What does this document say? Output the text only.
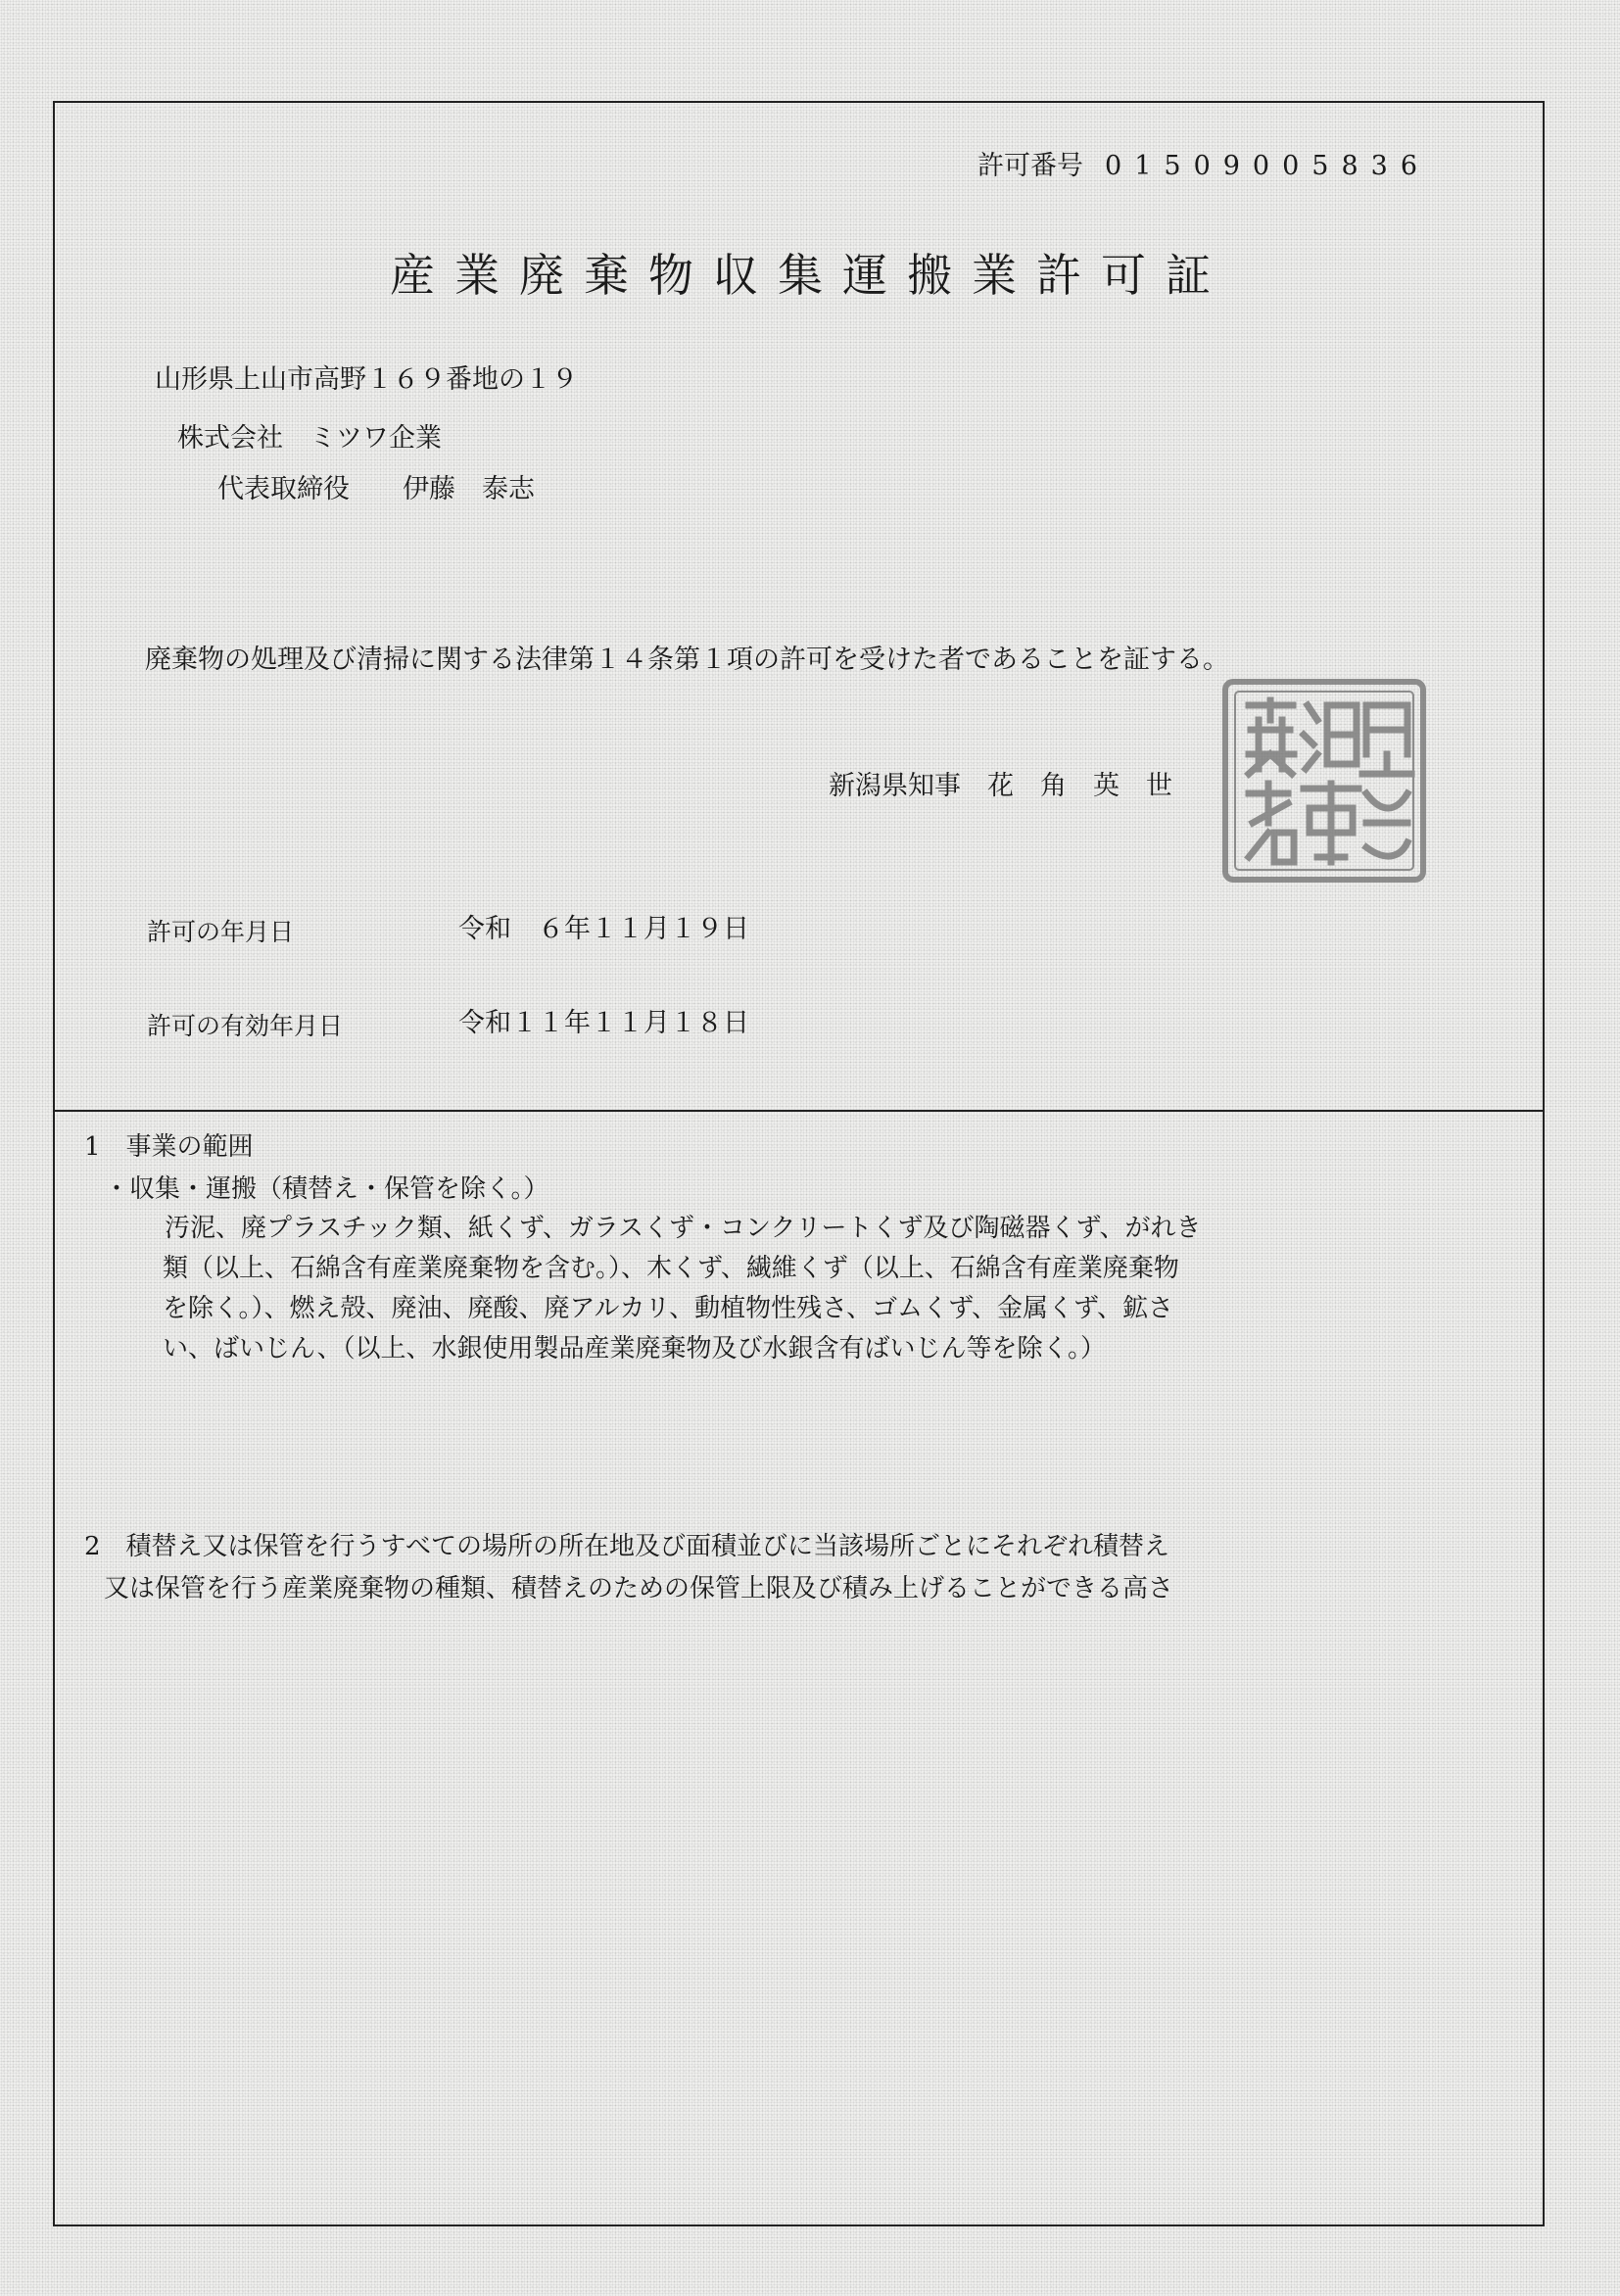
許可番号 01509005836
産業廃棄物収集運搬業許可証
山形県上山市高野１６９番地の１９
株式会社　ミツワ企業
代表取締役　　伊藤　泰志
廃棄物の処理及び清掃に関する法律第１４条第１項の許可を受けた者であることを証する。
新潟県知事　花　角　英　世
許可の年月日	令和　６年１１月１９日
許可の有効年月日	令和１１年１１月１８日
1　事業の範囲
・収集・運搬（積替え・保管を除く。）

汚泥、廃プラスチック類、紙くず、ガラスくず・コンクリートくず及び陶磁器くず、がれき

類（以上、石綿含有産業廃棄物を含む。）、木くず、繊維くず（以上、石綿含有産業廃棄物

を除く。）、燃え殻、廃油、廃酸、廃アルカリ、動植物性残さ、ゴムくず、金属くず、鉱さ

い、ばいじん、（以上、水銀使用製品産業廃棄物及び水銀含有ばいじん等を除く。）

2　積替え又は保管を行うすべての場所の所在地及び面積並びに当該場所ごとにそれぞれ積替え

又は保管を行う産業廃棄物の種類、積替えのための保管上限及び積み上げることができる高さ
